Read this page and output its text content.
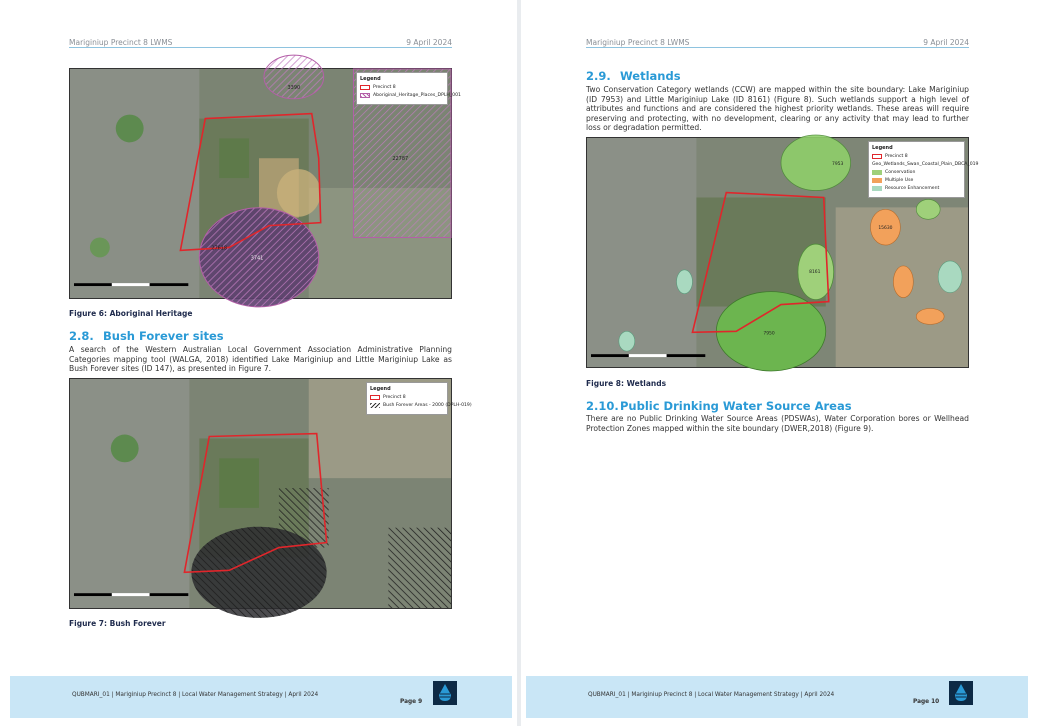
Mariginiup Precinct 8 LWMS	9 April 2024
3390
22787
27618
3741
Legend
Precinct 8
Aboriginal_Heritage_Places_DPLH_001
Figure 6: Aboriginal Heritage
2.8. Bush Forever sites
A search of the Western Australian Local Government Association Administrative Planning Categories mapping tool (WALGA, 2018) identified Lake Mariginiup and Little Mariginiup Lake as Bush Forever sites (ID 147), as presented in Figure 7.
Legend
Precinct 8
Bush Forever Areas - 2000 (DPLH-019)
Figure 7: Bush Forever
QUBMARI_01 | Mariginiup Precinct 8 | Local Water Management Strategy | April 2024
Page 9
Mariginiup Precinct 8 LWMS	9 April 2024
2.9. Wetlands
Two Conservation Category wetlands (CCW) are mapped within the site boundary: Lake Mariginiup (ID 7953) and Little Mariginiup Lake (ID 8161) (Figure 8). Such wetlands support a high level of attributes and functions and are considered the highest priority wetlands. These areas will require preserving and protecting, with no development, clearing or any activity that may lead to further loss or degradation permitted.
7953
8161
15630
7950
Legend
Precinct 8
Geo_Wetlands_Swan_Coastal_Plain_DBCA_019
Conservation
Multiple Use
Resource Enhancement
Figure 8: Wetlands
2.10.Public Drinking Water Source Areas
There are no Public Drinking Water Source Areas (PDSWAs), Water Corporation bores or Wellhead Protection Zones mapped within the site boundary (DWER,2018) (Figure 9).
QUBMARI_01 | Mariginiup Precinct 8 | Local Water Management Strategy | April 2024
Page 10
